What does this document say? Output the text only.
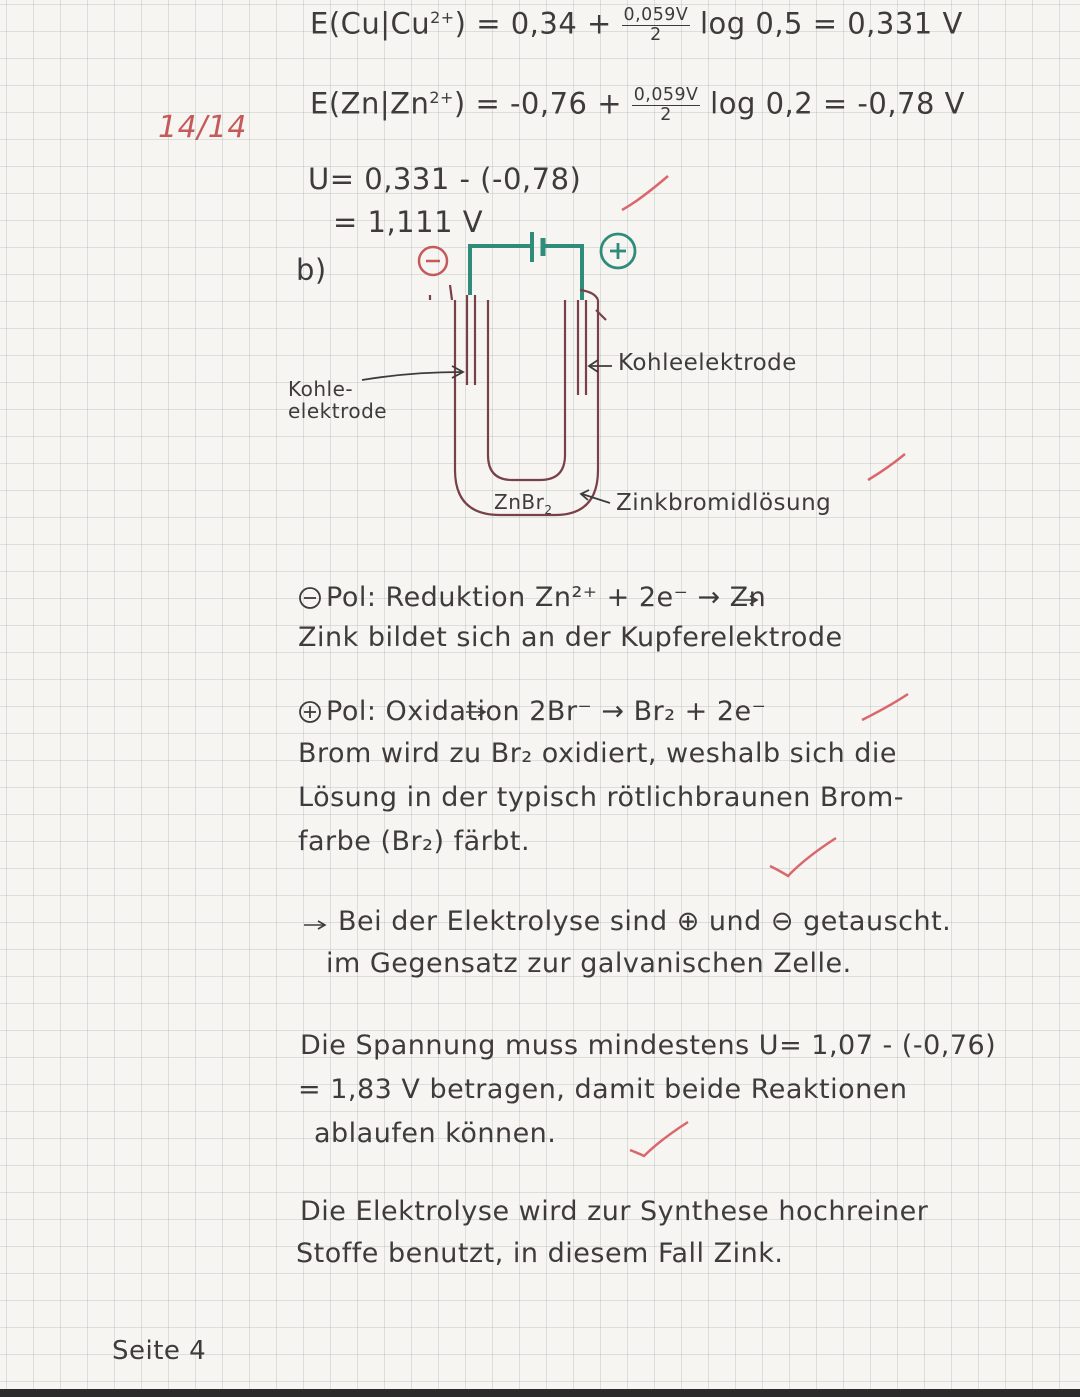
14/14
$E(Cu|Cu^{2+}) = 0,34 + \frac{0,059V}{2}$ log 0,5 = 0,331 V
$E(Zn|Zn^{2+}) = -0,76 + \frac{0,059V}{2}$ log 0,2 = -0,78 V
U= 0,331 - (-0,78)
= 1,111 V
b)
Kohle-
elektrode
Kohleelektrode
ZnBr$_2$	Zinkbromidlösung
Pol: Reduktion Zn²⁺ + 2e⁻ → Zn
Zink bildet sich an der Kupferelektrode
Pol: Oxidation 2Br⁻ → Br₂ + 2e⁻
Brom wird zu Br₂ oxidiert, weshalb sich die
Lösung in der typisch rötlichbraunen Brom-
farbe (Br₂) färbt.
Bei der Elektrolyse sind ⊕ und ⊖ getauscht.
im Gegensatz zur galvanischen Zelle.
Die Spannung muss mindestens U= 1,07 - (-0,76)
= 1,83 V betragen, damit beide Reaktionen
ablaufen können.
Die Elektrolyse wird zur Synthese hochreiner
Stoffe benutzt, in diesem Fall Zink.
Seite 4
